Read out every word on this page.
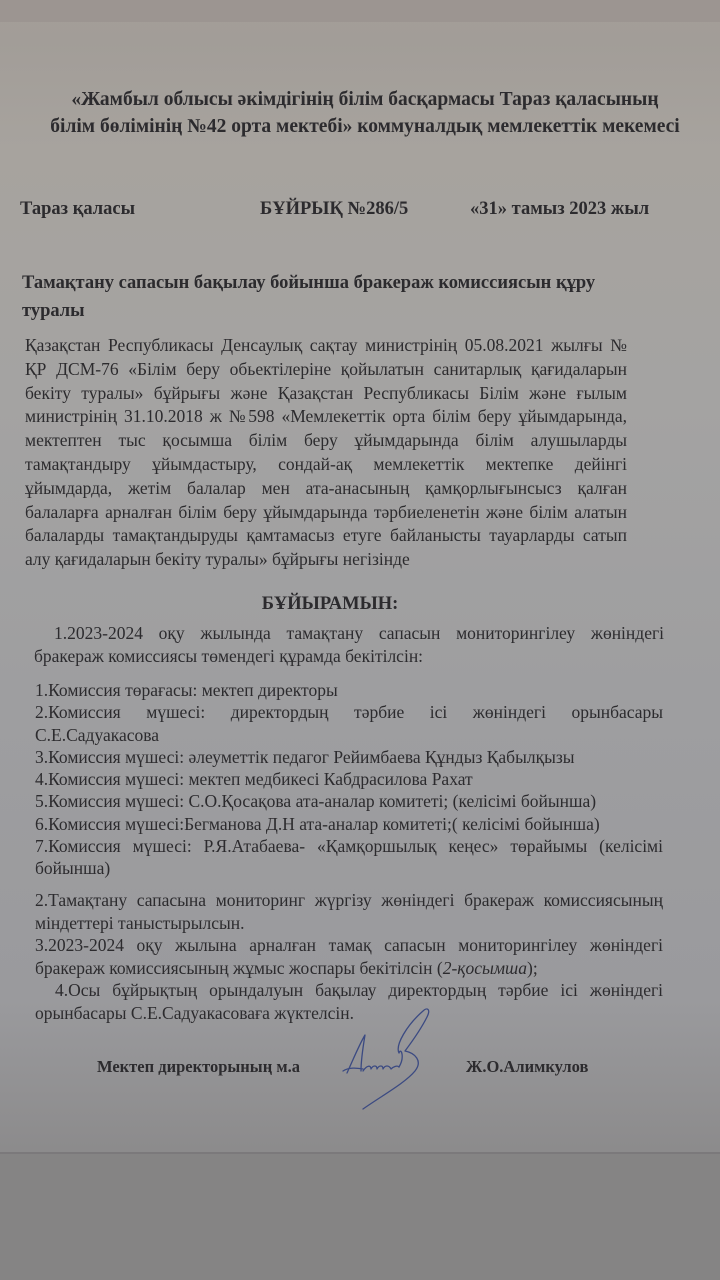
«Жамбыл облысы әкімдігінің білім басқармасы Тараз қаласының
білім бөлімінің №42 орта мектебі» коммуналдық мемлекеттік мекемесі
Тараз қаласы	БҰЙРЫҚ №286/5	«31» тамыз 2023 жыл
Тамақтану сапасын бақылау бойынша бракераж комиссиясын құру
туралы
Қазақстан Республикасы Денсаулық сақтау министрінің 05.08.2021 жылғы № ҚР ДСМ-76 «Білім беру обьектілеріне қойылатын санитарлық қағидаларын бекіту туралы» бұйрығы және Қазақстан Республикасы Білім және ғылым министрінің 31.10.2018 ж №598 «Мемлекеттік орта білім беру ұйымдарында, мектептен тыс қосымша білім беру ұйымдарында білім алушыларды тамақтандыру ұйымдастыру, сондай-ақ мемлекеттік мектепке дейінгі ұйымдарда, жетім балалар мен ата-анасының қамқорлығынсысз қалған балаларға арналған білім беру ұйымдарында тәрбиеленетін және білім алатын балаларды тамақтандыруды қамтамасыз етуге байланысты тауарларды сатып алу қағидаларын бекіту туралы» бұйрығы негізінде
БҰЙЫРАМЫН:
1.2023-2024 оқу жылында тамақтану сапасын мониторингілеу жөніндегі бракераж комиссиясы төмендегі құрамда бекітілсін:
1.Комиссия төрағасы: мектеп директоры
2.Комиссия мүшесі: директордың тәрбие ісі жөніндегі орынбасары С.Е.Садуакасова
3.Комиссия мүшесі: әлеуметтік педагог Рейимбаева Құндыз Қабылқызы
4.Комиссия мүшесі: мектеп медбикесі Кабдрасилова Рахат
5.Комиссия мүшесі: С.О.Қосақова ата-аналар комитеті; (келісімі бойынша)
6.Комиссия мүшесі:Бегманова Д.Н ата-аналар комитеті;( келісімі бойынша)
7.Комиссия мүшесі: Р.Я.Атабаева- «Қамқоршылық кеңес» төрайымы (келісімі бойынша)
2.Тамақтану сапасына мониторинг жүргізу жөніндегі бракераж комиссиясының міндеттері таныстырылсын.
3.2023-2024 оқу жылына арналған тамақ сапасын мониторингілеу жөніндегі бракераж комиссиясының жұмыс жоспары бекітілсін (2-қосымша);
4.Осы бұйрықтың орындалуын бақылау директордың тәрбие ісі жөніндегі орынбасары С.Е.Садуакасоваға жүктелсін.
Мектеп директорының м.а	Ж.О.Алимкулов
